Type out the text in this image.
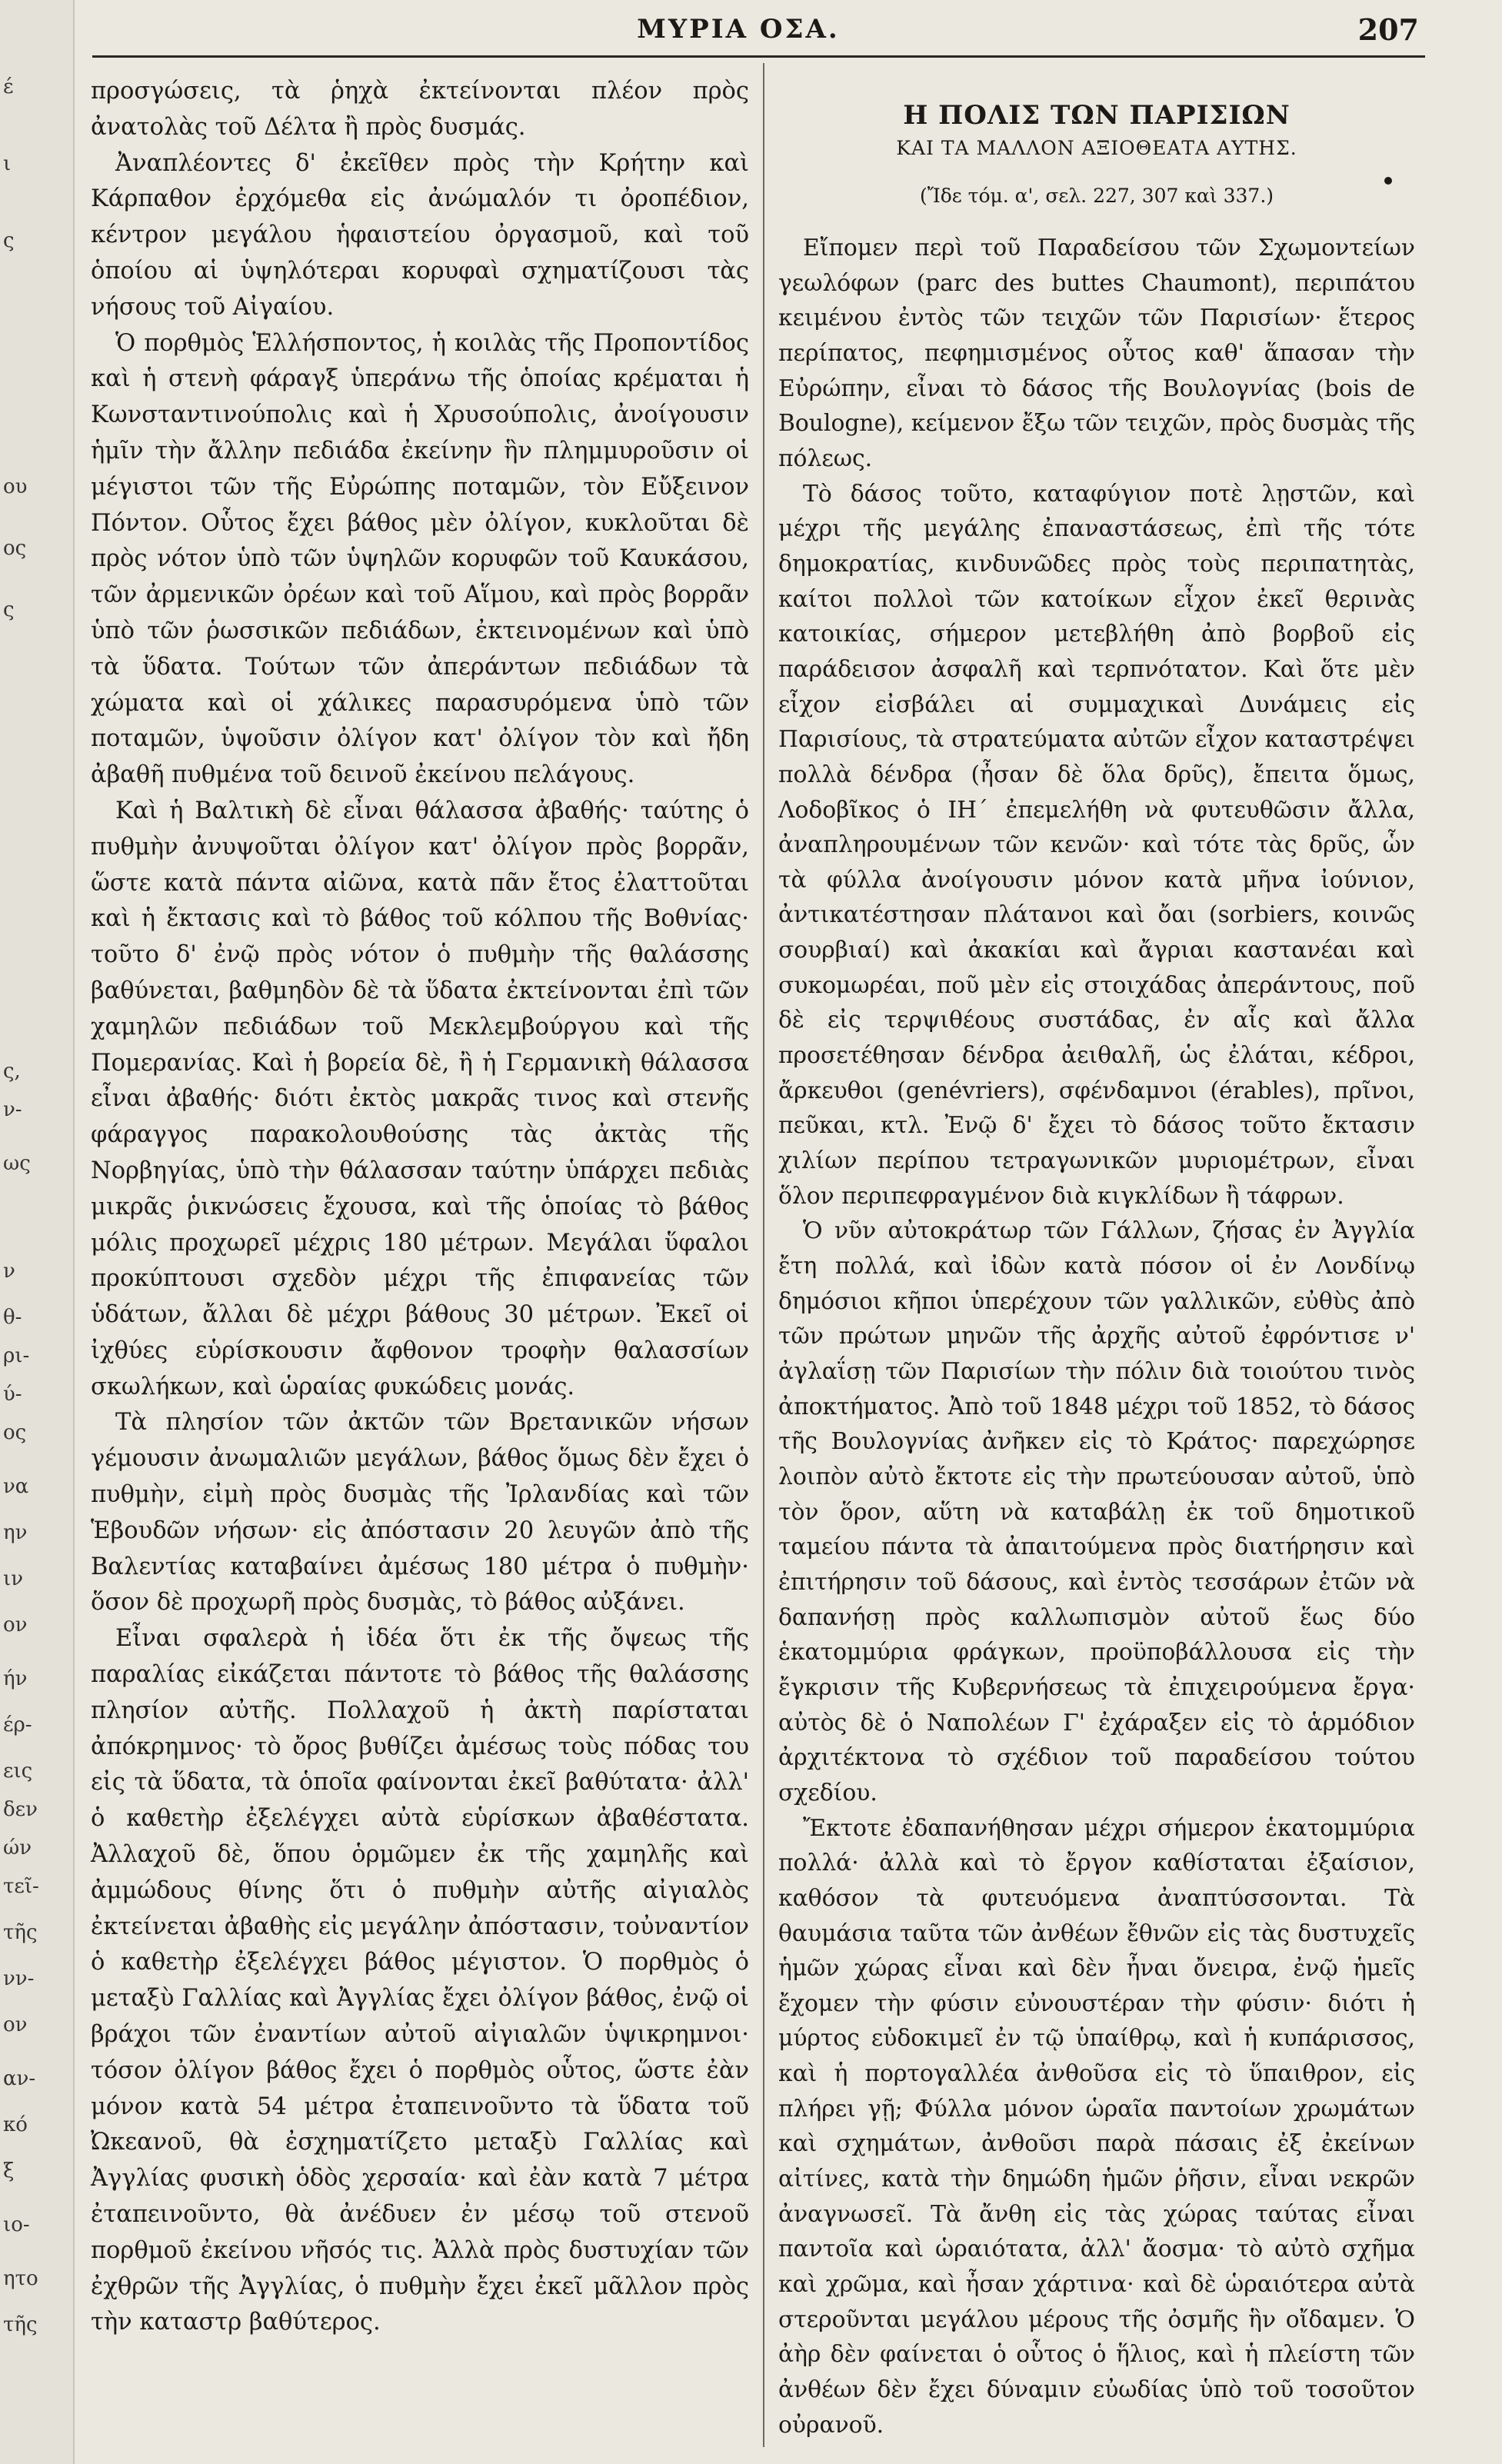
έ
ι
ς
ου
ος
ς
ς,
ν-
ως
ν
θ-
ρι-
ύ-
ος
να
ην
ιν
ον
ήν
έρ-
εις
δεν
ών
τεῖ-
τῆς
νν-
ον
αν-
κό
ξ
ιο-
ητο
τῆς
ΜΥΡΙΑ ΟΣΑ.	207

προσγώσεις, τὰ ῥηχὰ ἐκτείνονται πλέον πρὸς ἀνατολὰς τοῦ Δέλτα ἢ πρὸς δυσμάς.

Ἀναπλέοντες δ' ἐκεῖθεν πρὸς τὴν Κρήτην καὶ Κάρπαθον ἐρχόμεθα εἰς ἀνώμαλόν τι ὀροπέδιον, κέντρον μεγάλου ἡφαιστείου ὀργασμοῦ, καὶ τοῦ ὁποίου αἱ ὑψηλότεραι κορυφαὶ σχηματίζουσι τὰς νήσους τοῦ Αἰγαίου.

Ὁ πορθμὸς Ἑλλήσποντος, ἡ κοιλὰς τῆς Προποντίδος καὶ ἡ στενὴ φάραγξ ὑπεράνω τῆς ὁποίας κρέμαται ἡ Κωνσταντινούπολις καὶ ἡ Χρυσούπολις, ἀνοίγουσιν ἡμῖν τὴν ἄλλην πεδιάδα ἐκείνην ἣν πλημμυροῦσιν οἱ μέγιστοι τῶν τῆς Εὐρώπης ποταμῶν, τὸν Εὔξεινον Πόντον. Οὗτος ἔχει βάθος μὲν ὀλίγον, κυκλοῦται δὲ πρὸς νότον ὑπὸ τῶν ὑψηλῶν κορυφῶν τοῦ Καυκάσου, τῶν ἀρμενικῶν ὀρέων καὶ τοῦ Αἵμου, καὶ πρὸς βορρᾶν ὑπὸ τῶν ῥωσσικῶν πεδιάδων, ἐκτεινομένων καὶ ὑπὸ τὰ ὕδατα. Τούτων τῶν ἀπεράντων πεδιάδων τὰ χώματα καὶ οἱ χάλικες παρασυρόμενα ὑπὸ τῶν ποταμῶν, ὑψοῦσιν ὀλίγον κατ' ὀλίγον τὸν καὶ ἤδη ἀβαθῆ πυθμένα τοῦ δεινοῦ ἐκείνου πελάγους.

Καὶ ἡ Βαλτικὴ δὲ εἶναι θάλασσα ἀβαθής· ταύτης ὁ πυθμὴν ἀνυψοῦται ὀλίγον κατ' ὀλίγον πρὸς βορρᾶν, ὥστε κατὰ πάντα αἰῶνα, κατὰ πᾶν ἔτος ἐλαττοῦται καὶ ἡ ἔκτασις καὶ τὸ βάθος τοῦ κόλπου τῆς Βοθνίας· τοῦτο δ' ἐνῷ πρὸς νότον ὁ πυθμὴν τῆς θαλάσσης βαθύνεται, βαθμηδὸν δὲ τὰ ὕδατα ἐκτείνονται ἐπὶ τῶν χαμηλῶν πεδιάδων τοῦ Μεκλεμβούργου καὶ τῆς Πομερανίας. Καὶ ἡ βορεία δὲ, ἢ ἡ Γερμανικὴ θάλασσα εἶναι ἀβαθής· διότι ἐκτὸς μακρᾶς τινος καὶ στενῆς φάραγγος παρακολουθούσης τὰς ἀκτὰς τῆς Νορβηγίας, ὑπὸ τὴν θάλασσαν ταύτην ὑπάρχει πεδιὰς μικρᾶς ῥικνώσεις ἔχουσα, καὶ τῆς ὁποίας τὸ βάθος μόλις προχωρεῖ μέχρις 180 μέτρων. Μεγάλαι ὕφαλοι προκύπτουσι σχεδὸν μέχρι τῆς ἐπιφανείας τῶν ὑδάτων, ἄλλαι δὲ μέχρι βάθους 30 μέτρων. Ἐκεῖ οἱ ἰχθύες εὑρίσκουσιν ἄφθονον τροφὴν θαλασσίων σκωλήκων, καὶ ὡραίας φυκώδεις μονάς.

Τὰ πλησίον τῶν ἀκτῶν τῶν Βρετανικῶν νήσων γέμουσιν ἀνωμαλιῶν μεγάλων, βάθος ὅμως δὲν ἔχει ὁ πυθμὴν, εἰμὴ πρὸς δυσμὰς τῆς Ἰρλανδίας καὶ τῶν Ἑβουδῶν νήσων· εἰς ἀπόστασιν 20 λευγῶν ἀπὸ τῆς Βαλεντίας καταβαίνει ἀμέσως 180 μέτρα ὁ πυθμὴν· ὅσον δὲ προχωρῆ πρὸς δυσμὰς, τὸ βάθος αὐξάνει.

Εἶναι σφαλερὰ ἡ ἰδέα ὅτι ἐκ τῆς ὄψεως τῆς παραλίας εἰκάζεται πάντοτε τὸ βάθος τῆς θαλάσσης πλησίον αὐτῆς. Πολλαχοῦ ἡ ἀκτὴ παρίσταται ἀπόκρημνος· τὸ ὄρος βυθίζει ἀμέσως τοὺς πόδας του εἰς τὰ ὕδατα, τὰ ὁποῖα φαίνονται ἐκεῖ βαθύτατα· ἀλλ' ὁ καθετὴρ ἐξελέγχει αὐτὰ εὑρίσκων ἀβαθέστατα. Ἀλλαχοῦ δὲ, ὅπου ὁρμῶμεν ἐκ τῆς χαμηλῆς καὶ ἀμμώδους θίνης ὅτι ὁ πυθμὴν αὐτῆς αἰγιαλὸς ἐκτείνεται ἀβαθὴς εἰς μεγάλην ἀπόστασιν, τοὐναντίον ὁ καθετὴρ ἐξελέγχει βάθος μέγιστον. Ὁ πορθμὸς ὁ μεταξὺ Γαλλίας καὶ Ἀγγλίας ἔχει ὀλίγον βάθος, ἐνῷ οἱ βράχοι τῶν ἐναντίων αὐτοῦ αἰγιαλῶν ὑψικρημνοι· τόσον ὀλίγον βάθος ἔχει ὁ πορθμὸς οὗτος, ὥστε ἐὰν μόνον κατὰ 54 μέτρα ἐταπεινοῦντο τὰ ὕδατα τοῦ Ὠκεανοῦ, θὰ ἐσχηματίζετο μεταξὺ Γαλλίας καὶ Ἀγγλίας φυσικὴ ὁδὸς χερσαία· καὶ ἐὰν κατὰ 7 μέτρα ἐταπεινοῦντο, θὰ ἀνέδυεν ἐν μέσῳ τοῦ στενοῦ πορθμοῦ ἐκείνου νῆσός τις. Ἀλλὰ πρὸς δυστυχίαν τῶν ἐχθρῶν τῆς Ἀγγλίας, ὁ πυθμὴν ἔχει ἐκεῖ μᾶλλον πρὸς τὴν καταστρ βαθύτερος.

Η ΠΟΛΙΣ ΤΩΝ ΠΑΡΙΣΙΩΝ
ΚΑΙ ΤΑ ΜΑΛΛΟΝ ΑΞΙΟΘΕΑΤΑ ΑΥΤΗΣ.
(Ἴδε τόμ. α', σελ. 227, 307 καὶ 337.)

Εἴπομεν περὶ τοῦ Παραδείσου τῶν Σχωμοντείων γεωλόφων (parc des buttes Chaumont), περιπάτου κειμένου ἐντὸς τῶν τειχῶν τῶν Παρισίων· ἕτερος περίπατος, πεφημισμένος οὗτος καθ' ἅπασαν τὴν Εὐρώπην, εἶναι τὸ δάσος τῆς Βουλογνίας (bois de Boulogne), κείμενον ἔξω τῶν τειχῶν, πρὸς δυσμὰς τῆς πόλεως.

Τὸ δάσος τοῦτο, καταφύγιον ποτὲ λῃστῶν, καὶ μέχρι τῆς μεγάλης ἐπαναστάσεως, ἐπὶ τῆς τότε δημοκρατίας, κινδυνῶδες πρὸς τοὺς περιπατητὰς, καίτοι πολλοὶ τῶν κατοίκων εἶχον ἐκεῖ θερινὰς κατοικίας, σήμερον μετεβλήθη ἀπὸ βορβοῦ εἰς παράδεισον ἀσφαλῆ καὶ τερπνότατον. Καὶ ὅτε μὲν εἶχον εἰσβάλει αἱ συμμαχικαὶ Δυνάμεις εἰς Παρισίους, τὰ στρατεύματα αὐτῶν εἶχον καταστρέψει πολλὰ δένδρα (ἦσαν δὲ ὅλα δρῦς), ἔπειτα ὅμως, Λοδοβῖκος ὁ ΙΗ΄ ἐπεμελήθη νὰ φυτευθῶσιν ἄλλα, ἀναπληρουμένων τῶν κενῶν· καὶ τότε τὰς δρῦς, ὧν τὰ φύλλα ἀνοίγουσιν μόνον κατὰ μῆνα ἰούνιον, ἀντικατέστησαν πλάτανοι καὶ ὄαι (sorbiers, κοινῶς σουρβιαί) καὶ ἀκακίαι καὶ ἄγριαι καστανέαι καὶ συκομωρέαι, ποῦ μὲν εἰς στοιχάδας ἀπεράντους, ποῦ δὲ εἰς τερψιθέους συστάδας, ἐν αἷς καὶ ἄλλα προσετέθησαν δένδρα ἀειθαλῆ, ὡς ἐλάται, κέδροι, ἄρκευθοι (genévriers), σφένδαμνοι (érables), πρῖνοι, πεῦκαι, κτλ. Ἐνῷ δ' ἔχει τὸ δάσος τοῦτο ἔκτασιν χιλίων περίπου τετραγωνικῶν μυριομέτρων, εἶναι ὅλον περιπεφραγμένον διὰ κιγκλίδων ἢ τάφρων.

Ὁ νῦν αὐτοκράτωρ τῶν Γάλλων, ζήσας ἐν Ἀγγλία ἔτη πολλά, καὶ ἰδὼν κατὰ πόσον οἱ ἐν Λονδίνῳ δημόσιοι κῆποι ὑπερέχουν τῶν γαλλικῶν, εὐθὺς ἀπὸ τῶν πρώτων μηνῶν τῆς ἀρχῆς αὐτοῦ ἐφρόντισε ν' ἀγλαΐσῃ τῶν Παρισίων τὴν πόλιν διὰ τοιούτου τινὸς ἀποκτήματος. Ἀπὸ τοῦ 1848 μέχρι τοῦ 1852, τὸ δάσος τῆς Βουλογνίας ἀνῆκεν εἰς τὸ Κράτος· παρεχώρησε λοιπὸν αὐτὸ ἔκτοτε εἰς τὴν πρωτεύουσαν αὐτοῦ, ὑπὸ τὸν ὅρον, αὕτη νὰ καταβάλῃ ἐκ τοῦ δημοτικοῦ ταμείου πάντα τὰ ἀπαιτούμενα πρὸς διατήρησιν καὶ ἐπιτήρησιν τοῦ δάσους, καὶ ἐντὸς τεσσάρων ἐτῶν νὰ δαπανήσῃ πρὸς καλλωπισμὸν αὐτοῦ ἕως δύο ἑκατομμύρια φράγκων, προϋποβάλλουσα εἰς τὴν ἔγκρισιν τῆς Κυβερνήσεως τὰ ἐπιχειρούμενα ἔργα· αὐτὸς δὲ ὁ Ναπολέων Γ' ἐχάραξεν εἰς τὸ ἁρμόδιον ἀρχιτέκτονα τὸ σχέδιον τοῦ παραδείσου τούτου σχεδίου.

Ἔκτοτε ἐδαπανήθησαν μέχρι σήμερον ἑκατομμύρια πολλά· ἀλλὰ καὶ τὸ ἔργον καθίσταται ἐξαίσιον, καθόσον τὰ φυτευόμενα ἀναπτύσσονται. Τὰ θαυμάσια ταῦτα τῶν ἀνθέων ἔθνῶν εἰς τὰς δυστυχεῖς ἡμῶν χώρας εἶναι καὶ δὲν ἦναι ὄνειρα, ἐνῷ ἡμεῖς ἔχομεν τὴν φύσιν εὐνουστέραν τὴν φύσιν· διότι ἡ μύρτος εὐδοκιμεῖ ἐν τῷ ὑπαίθρῳ, καὶ ἡ κυπάρισσος, καὶ ἡ πορτογαλλέα ἀνθοῦσα εἰς τὸ ὕπαιθρον, εἰς πλήρει γῇ; Φύλλα μόνον ὡραῖα παντοίων χρωμάτων καὶ σχημάτων, ἀνθοῦσι παρὰ πάσαις ἐξ ἐκείνων αἰτίνες, κατὰ τὴν δημώδη ἡμῶν ῥῆσιν, εἶναι νεκρῶν ἀναγνωσεῖ. Τὰ ἄνθη εἰς τὰς χώρας ταύτας εἶναι παντοῖα καὶ ὡραιότατα, ἀλλ' ἄοσμα· τὸ αὐτὸ σχῆμα καὶ χρῶμα, καὶ ἦσαν χάρτινα· καὶ δὲ ὡραιότερα αὐτὰ στεροῦνται μεγάλου μέρους τῆς ὀσμῆς ἣν οἴδαμεν. Ὁ ἀὴρ δὲν φαίνεται ὁ οὗτος ὁ ἥλιος, καὶ ἡ πλείστη τῶν ἀνθέων δὲν ἔχει δύναμιν εὐωδίας ὑπὸ τοῦ τοσοῦτον οὐρανοῦ.
